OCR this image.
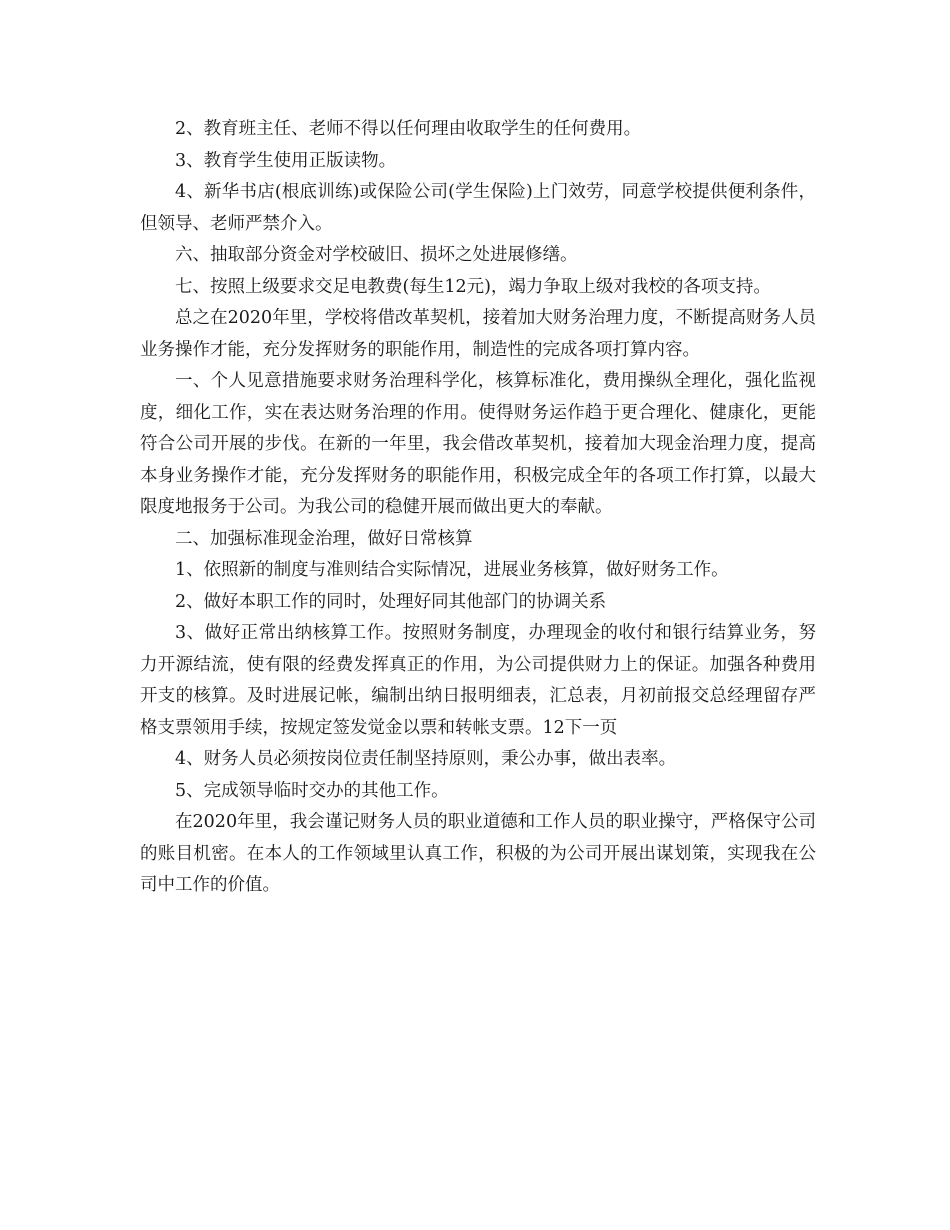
2、教育班主任、老师不得以任何理由收取学生的任何费用。

3、教育学生使用正版读物。

4、新华书店(根底训练)或保险公司(学生保险)上门效劳，同意学校提供便利条件，但领导、老师严禁介入。

六、抽取部分资金对学校破旧、损坏之处进展修缮。

七、按照上级要求交足电教费(每生12元)，竭力争取上级对我校的各项支持。

总之在2020年里，学校将借改革契机，接着加大财务治理力度，不断提高财务人员业务操作才能，充分发挥财务的职能作用，制造性的完成各项打算内容。

一、个人见意措施要求财务治理科学化，核算标准化，费用操纵全理化，强化监视度，细化工作，实在表达财务治理的作用。使得财务运作趋于更合理化、健康化，更能符合公司开展的步伐。在新的一年里，我会借改革契机，接着加大现金治理力度，提高本身业务操作才能，充分发挥财务的职能作用，积极完成全年的各项工作打算，以最大限度地报务于公司。为我公司的稳健开展而做出更大的奉献。

二、加强标准现金治理，做好日常核算

1、依照新的制度与准则结合实际情况，进展业务核算，做好财务工作。

2、做好本职工作的同时，处理好同其他部门的协调关系

3、做好正常出纳核算工作。按照财务制度，办理现金的收付和银行结算业务，努力开源结流，使有限的经费发挥真正的作用，为公司提供财力上的保证。加强各种费用开支的核算。及时进展记帐，编制出纳日报明细表，汇总表，月初前报交总经理留存严格支票领用手续，按规定签发觉金以票和转帐支票。12下一页

4、财务人员必须按岗位责任制坚持原则，秉公办事，做出表率。

5、完成领导临时交办的其他工作。

在2020年里，我会谨记财务人员的职业道德和工作人员的职业操守，严格保守公司的账目机密。在本人的工作领域里认真工作，积极的为公司开展出谋划策，实现我在公司中工作的价值。
